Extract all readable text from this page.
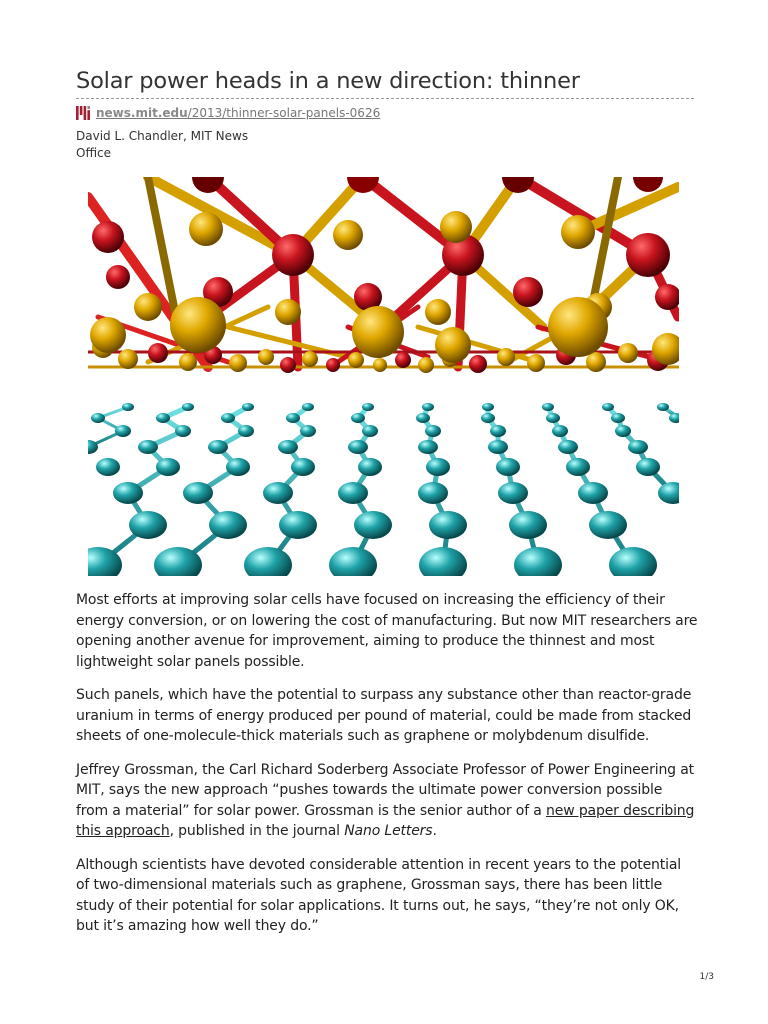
Solar power heads in a new direction: thinner
news.mit.edu/2013/thinner-solar-panels-0626
David L. Chandler, MIT News
Office

Most efforts at improving solar cells have focused on increasing the efficiency of their energy conversion, or on lowering the cost of manufacturing. But now MIT researchers are opening another avenue for improvement, aiming to produce the thinnest and most lightweight solar panels possible.

Such panels, which have the potential to surpass any substance other than reactor-grade uranium in terms of energy produced per pound of material, could be made from stacked sheets of one-molecule-thick materials such as graphene or molybdenum disulfide.

Jeffrey Grossman, the Carl Richard Soderberg Associate Professor of Power Engineering at MIT, says the new approach “pushes towards the ultimate power conversion possible from a material” for solar power. Grossman is the senior author of a new paper describing this approach, published in the journal Nano Letters.

Although scientists have devoted considerable attention in recent years to the potential of two-dimensional materials such as graphene, Grossman says, there has been little study of their potential for solar applications. It turns out, he says, “they’re not only OK, but it’s amazing how well they do.”

1/3
